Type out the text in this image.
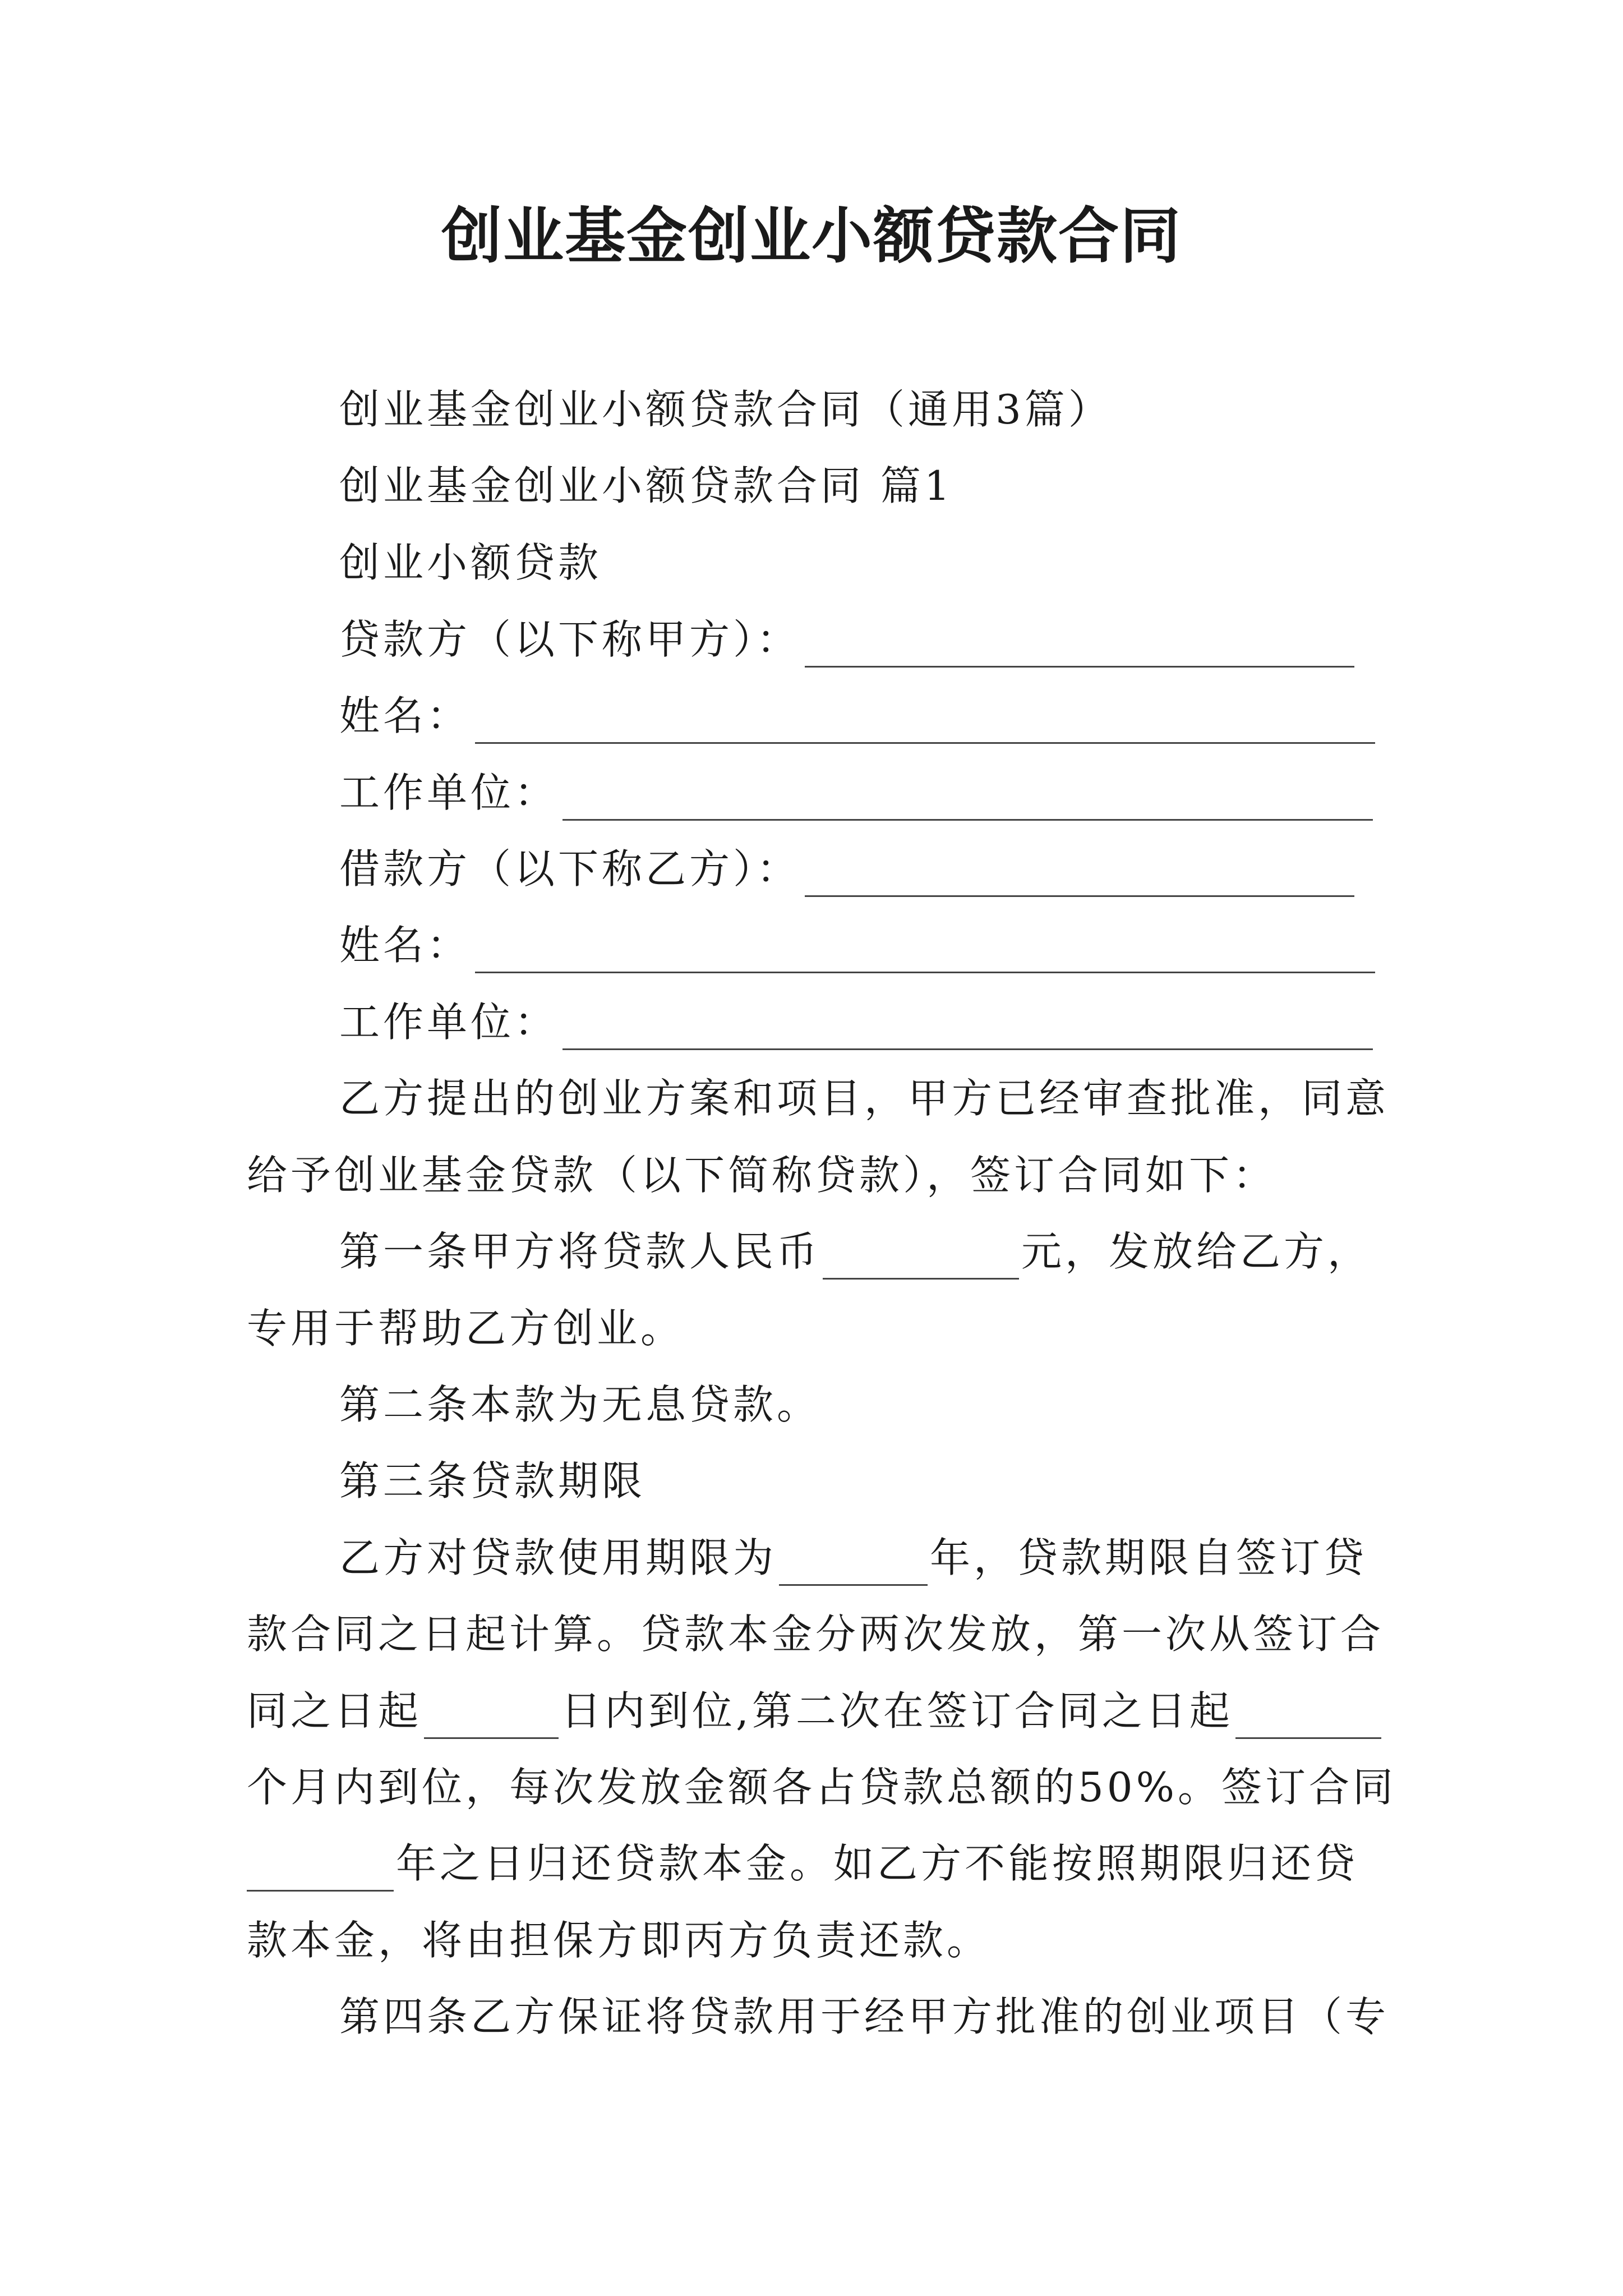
创业基金创业小额贷款合同
创业基金创业小额贷款合同（通用3篇）
创业基金创业小额贷款合同 篇1
创业小额贷款
贷款方（以下称甲方）：
姓名：
工作单位：
借款方（以下称乙方）：
姓名：
工作单位：
乙方提出的创业方案和项目，甲方已经审查批准，同意
给予创业基金贷款（以下简称贷款），签订合同如下：
第一条甲方将贷款人民币	元，发放给乙方，
专用于帮助乙方创业。
第二条本款为无息贷款。
第三条贷款期限
乙方对贷款使用期限为	年，贷款期限自签订贷
款合同之日起计算。贷款本金分两次发放，第一次从签订合
同之日起	日内到位,第二次在签订合同之日起
个月内到位，每次发放金额各占贷款总额的50%。签订合同
年之日归还贷款本金。如乙方不能按照期限归还贷
款本金，将由担保方即丙方负责还款。
第四条乙方保证将贷款用于经甲方批准的创业项目（专
